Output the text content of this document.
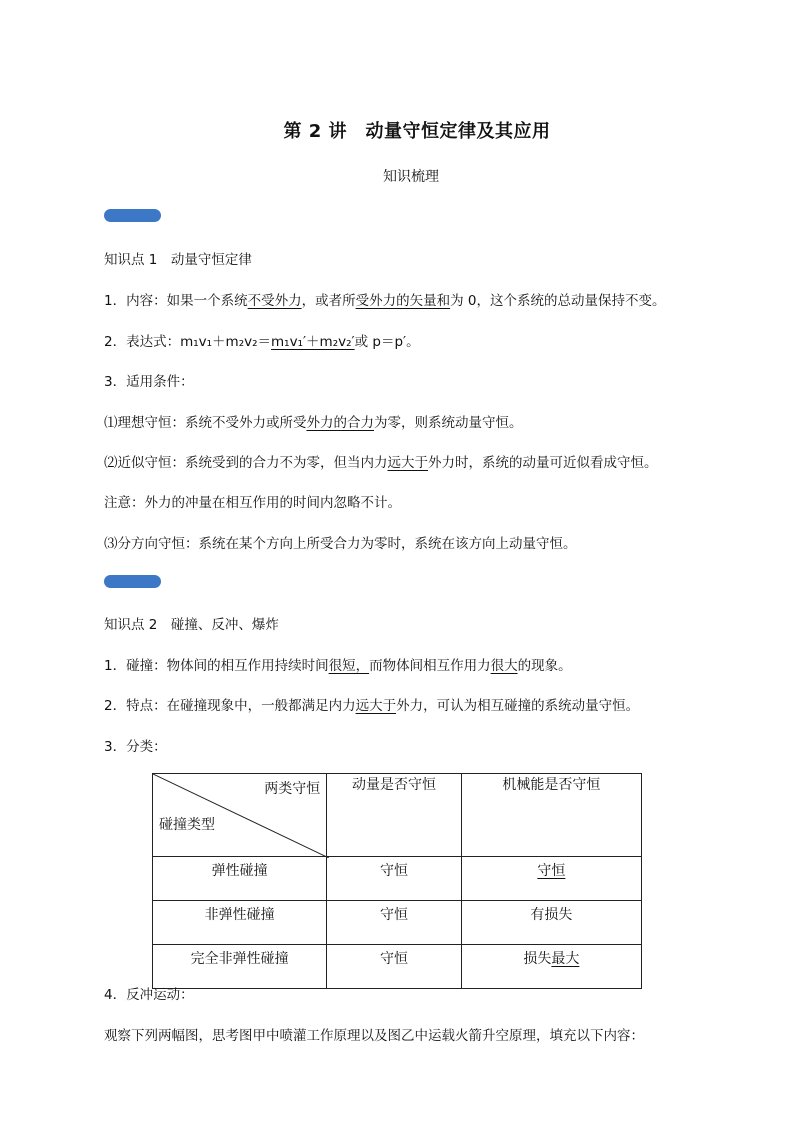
第 2 讲　动量守恒定律及其应用
知识梳理
知识点 1　动量守恒定律
1．内容：如果一个系统不受外力，或者所受外力的矢量和为 0，这个系统的总动量保持不变。
2．表达式：m₁v₁＋m₂v₂＝m₁v₁′＋m₂v₂′或 p＝p′。
3．适用条件：
⑴理想守恒：系统不受外力或所受外力的合力为零，则系统动量守恒。
⑵近似守恒：系统受到的合力不为零，但当内力远大于外力时，系统的动量可近似看成守恒。
注意：外力的冲量在相互作用的时间内忽略不计。
⑶分方向守恒：系统在某个方向上所受合力为零时，系统在该方向上动量守恒。
知识点 2　碰撞、反冲、爆炸
1．碰撞：物体间的相互作用持续时间很短，而物体间相互作用力很大的现象。
2．特点：在碰撞现象中，一般都满足内力远大于外力，可认为相互碰撞的系统动量守恒。
3．分类：
两类守恒
碰撞类型	动量是否守恒	机械能是否守恒
弹性碰撞	守恒	守恒
非弹性碰撞	守恒	有损失
完全非弹性碰撞	守恒	损失最大
4．反冲运动：
观察下列两幅图，思考图甲中喷灌工作原理以及图乙中运载火箭升空原理，填充以下内容：
